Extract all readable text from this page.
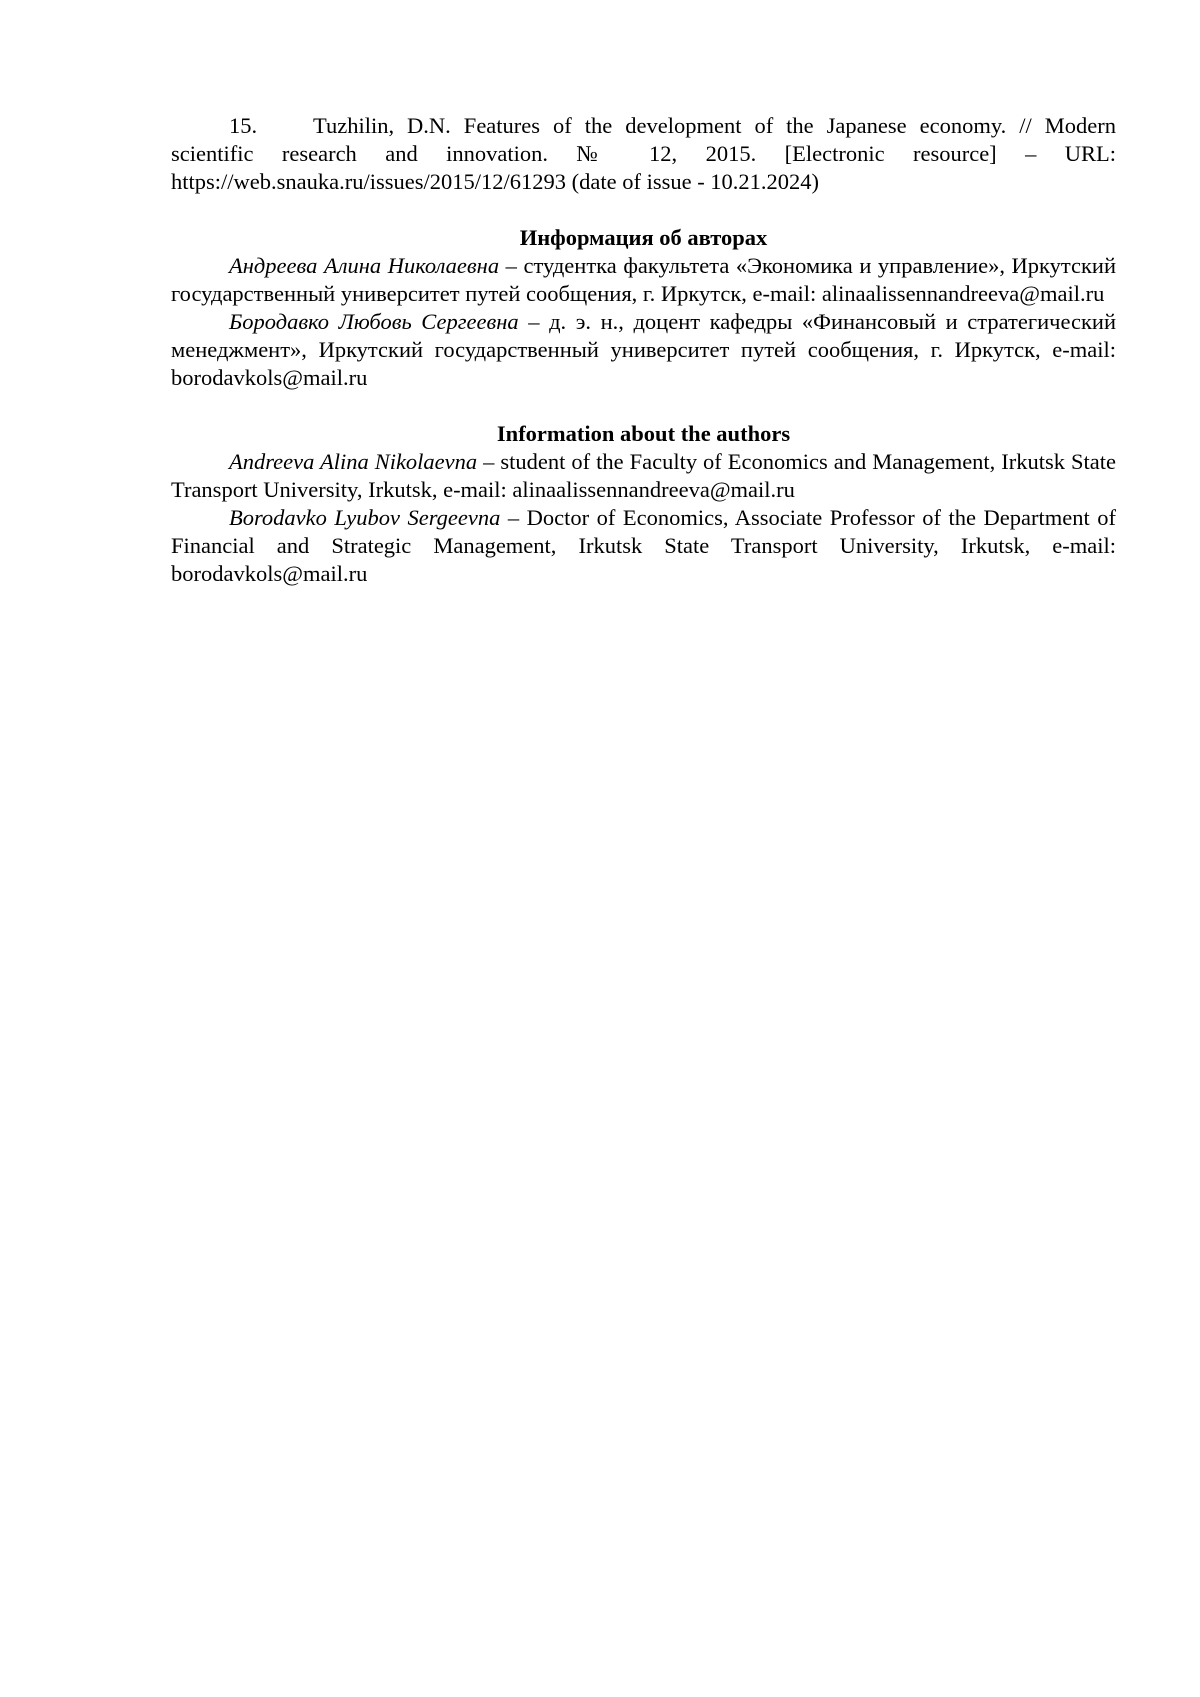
15. Tuzhilin, D.N. Features of the development of the Japanese economy. // Modern scientific research and innovation. № 12, 2015. [Electronic resource] – URL: https://web.snauka.ru/issues/2015/12/61293 (date of issue - 10.21.2024)

Информация об авторах

Андреева Алина Николаевна – студентка факультета «Экономика и управление», Иркутский государственный университет путей сообщения, г. Иркутск, e-mail: alinaalissennandreeva@mail.ru

Бородавко Любовь Сергеевна – д. э. н., доцент кафедры «Финансовый и стратегический менеджмент», Иркутский государственный университет путей сообщения, г. Иркутск, e-mail: borodavkols@mail.ru

Information about the authors

Andreeva Alina Nikolaevna – student of the Faculty of Economics and Management, Irkutsk State Transport University, Irkutsk, e-mail: alinaalissennandreeva@mail.ru

Borodavko Lyubov Sergeevna – Doctor of Economics, Associate Professor of the Department of Financial and Strategic Management, Irkutsk State Transport University, Irkutsk, e-mail: borodavkols@mail.ru
